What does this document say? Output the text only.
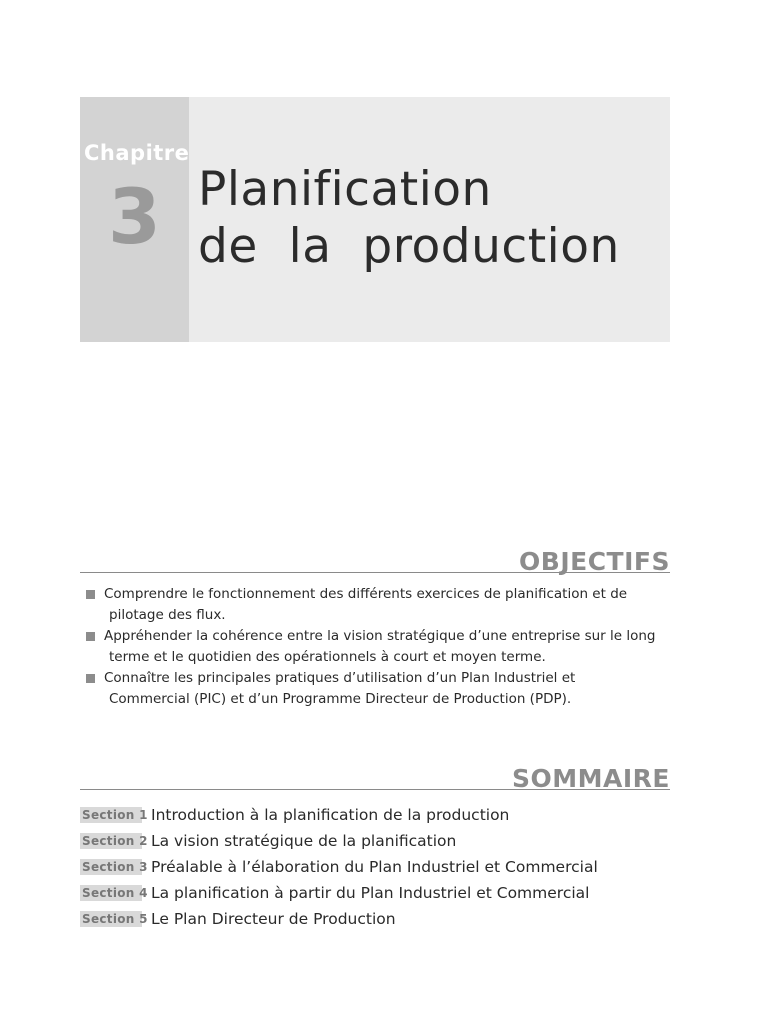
Chapitre
3 Planification
de  la  production
OBJECTIFS
Comprendre le fonctionnement des différents exercices de planification et de
pilotage des flux.
Appréhender la cohérence entre la vision stratégique d’une entreprise sur le long
terme et le quotidien des opérationnels à court et moyen terme.
Connaître les principales pratiques d’utilisation d’un Plan Industriel et
Commercial (PIC) et d’un Programme Directeur de Production (PDP).
SOMMAIRE
Section 1 Introduction à la planification de la production
Section 2 La vision stratégique de la planification
Section 3 Préalable à l’élaboration du Plan Industriel et Commercial
Section 4 La planification à partir du Plan Industriel et Commercial
Section 5 Le Plan Directeur de Production
